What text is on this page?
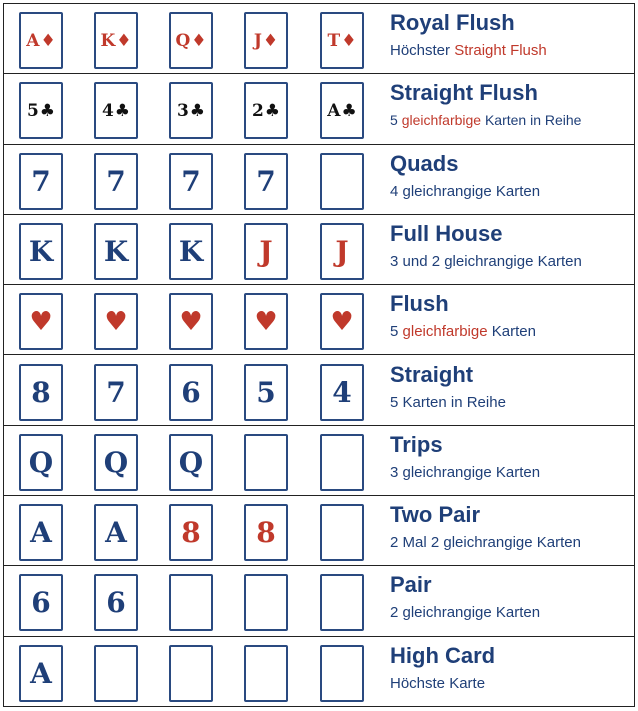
A ♦	K ♦	Q ♦	J ♦	T ♦
Royal Flush
Höchster Straight Flush
5 ♣	4 ♣	3 ♣	2 ♣	A ♣
Straight Flush
5 gleichfarbige Karten in Reihe
7 7 7 7
Quads
4 gleichrangige Karten
K K K J J
Full House
3 und 2 gleichrangige Karten
♥ ♥ ♥ ♥ ♥
Flush
5 gleichfarbige Karten
8 7 6 5 4
Straight
5 Karten in Reihe
Q Q Q
Trips
3 gleichrangige Karten
A A 8 8
Two Pair
2 Mal 2 gleichrangige Karten
6 6
Pair
2 gleichrangige Karten
A
High Card
Höchste Karte
